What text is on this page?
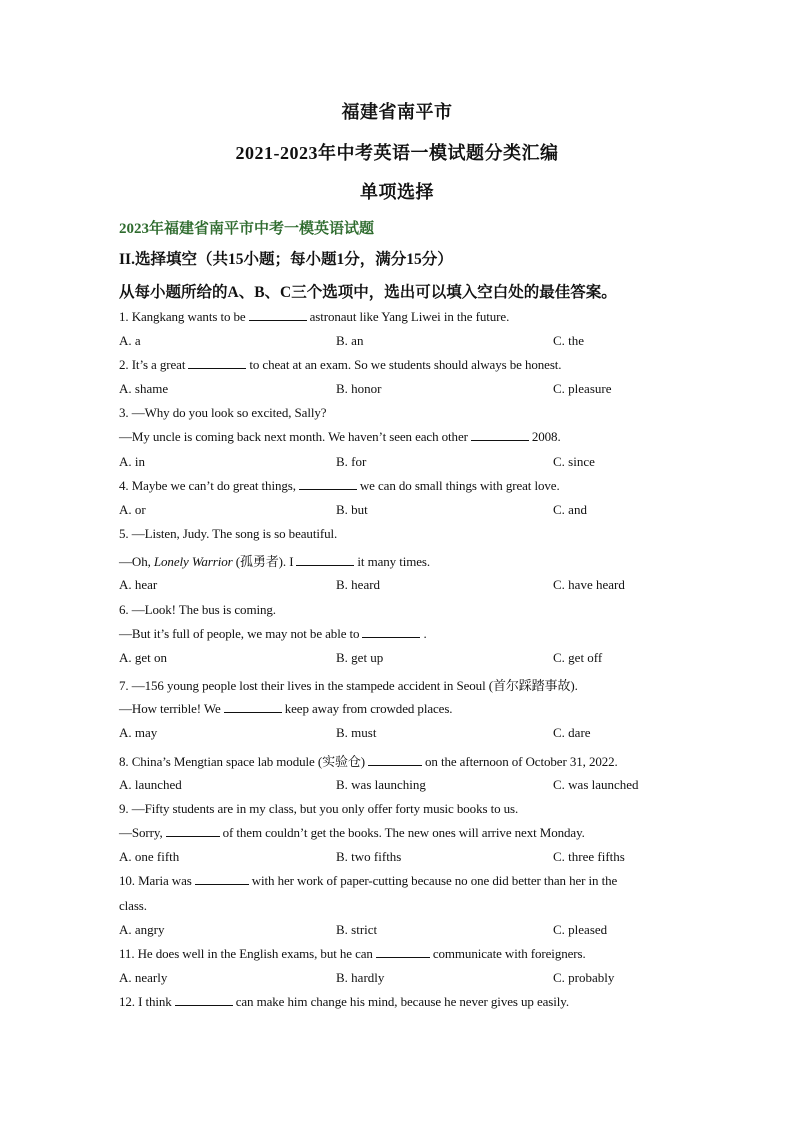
福建省南平市
2021-2023年中考英语一模试题分类汇编
单项选择
2023年福建省南平市中考一模英语试题
II.选择填空（共15小题；每小题1分，满分15分）
从每小题所给的A、B、C三个选项中，选出可以填入空白处的最佳答案。
1. Kangkang wants to be	astronaut like Yang Liwei in the future.
A. a	B. an	C. the
2. It’s a great	to cheat at an exam. So we students should always be honest.
A. shame	B. honor	C. pleasure
3. —Why do you look so excited, Sally?
—My uncle is coming back next month. We haven’t seen each other	2008.
A. in	B. for	C. since
4. Maybe we can’t do great things,	we can do small things with great love.
A. or	B. but	C. and
5. —Listen, Judy. The song is so beautiful.
—Oh, Lonely Warrior (孤勇者). I	it many times.
A. hear	B. heard	C. have heard
6. —Look! The bus is coming.
—But it’s full of people, we may not be able to	.
A. get on	B. get up	C. get off
7. —156 young people lost their lives in the stampede accident in Seoul (首尔踩踏事故).
—How terrible! We	keep away from crowded places.
A. may	B. must	C. dare
8. China’s Mengtian space lab module (实验仓)	on the afternoon of October 31, 2022.
A. launched	B. was launching	C. was launched
9. —Fifty students are in my class, but you only offer forty music books to us.
—Sorry,	of them couldn’t get the books. The new ones will arrive next Monday.
A. one fifth	B. two fifths	C. three fifths
10. Maria was	with her work of paper-cutting because no one did better than her in the
class.
A. angry	B. strict	C. pleased
11. He does well in the English exams, but he can	communicate with foreigners.
A. nearly	B. hardly	C. probably
12. I think	can make him change his mind, because he never gives up easily.
